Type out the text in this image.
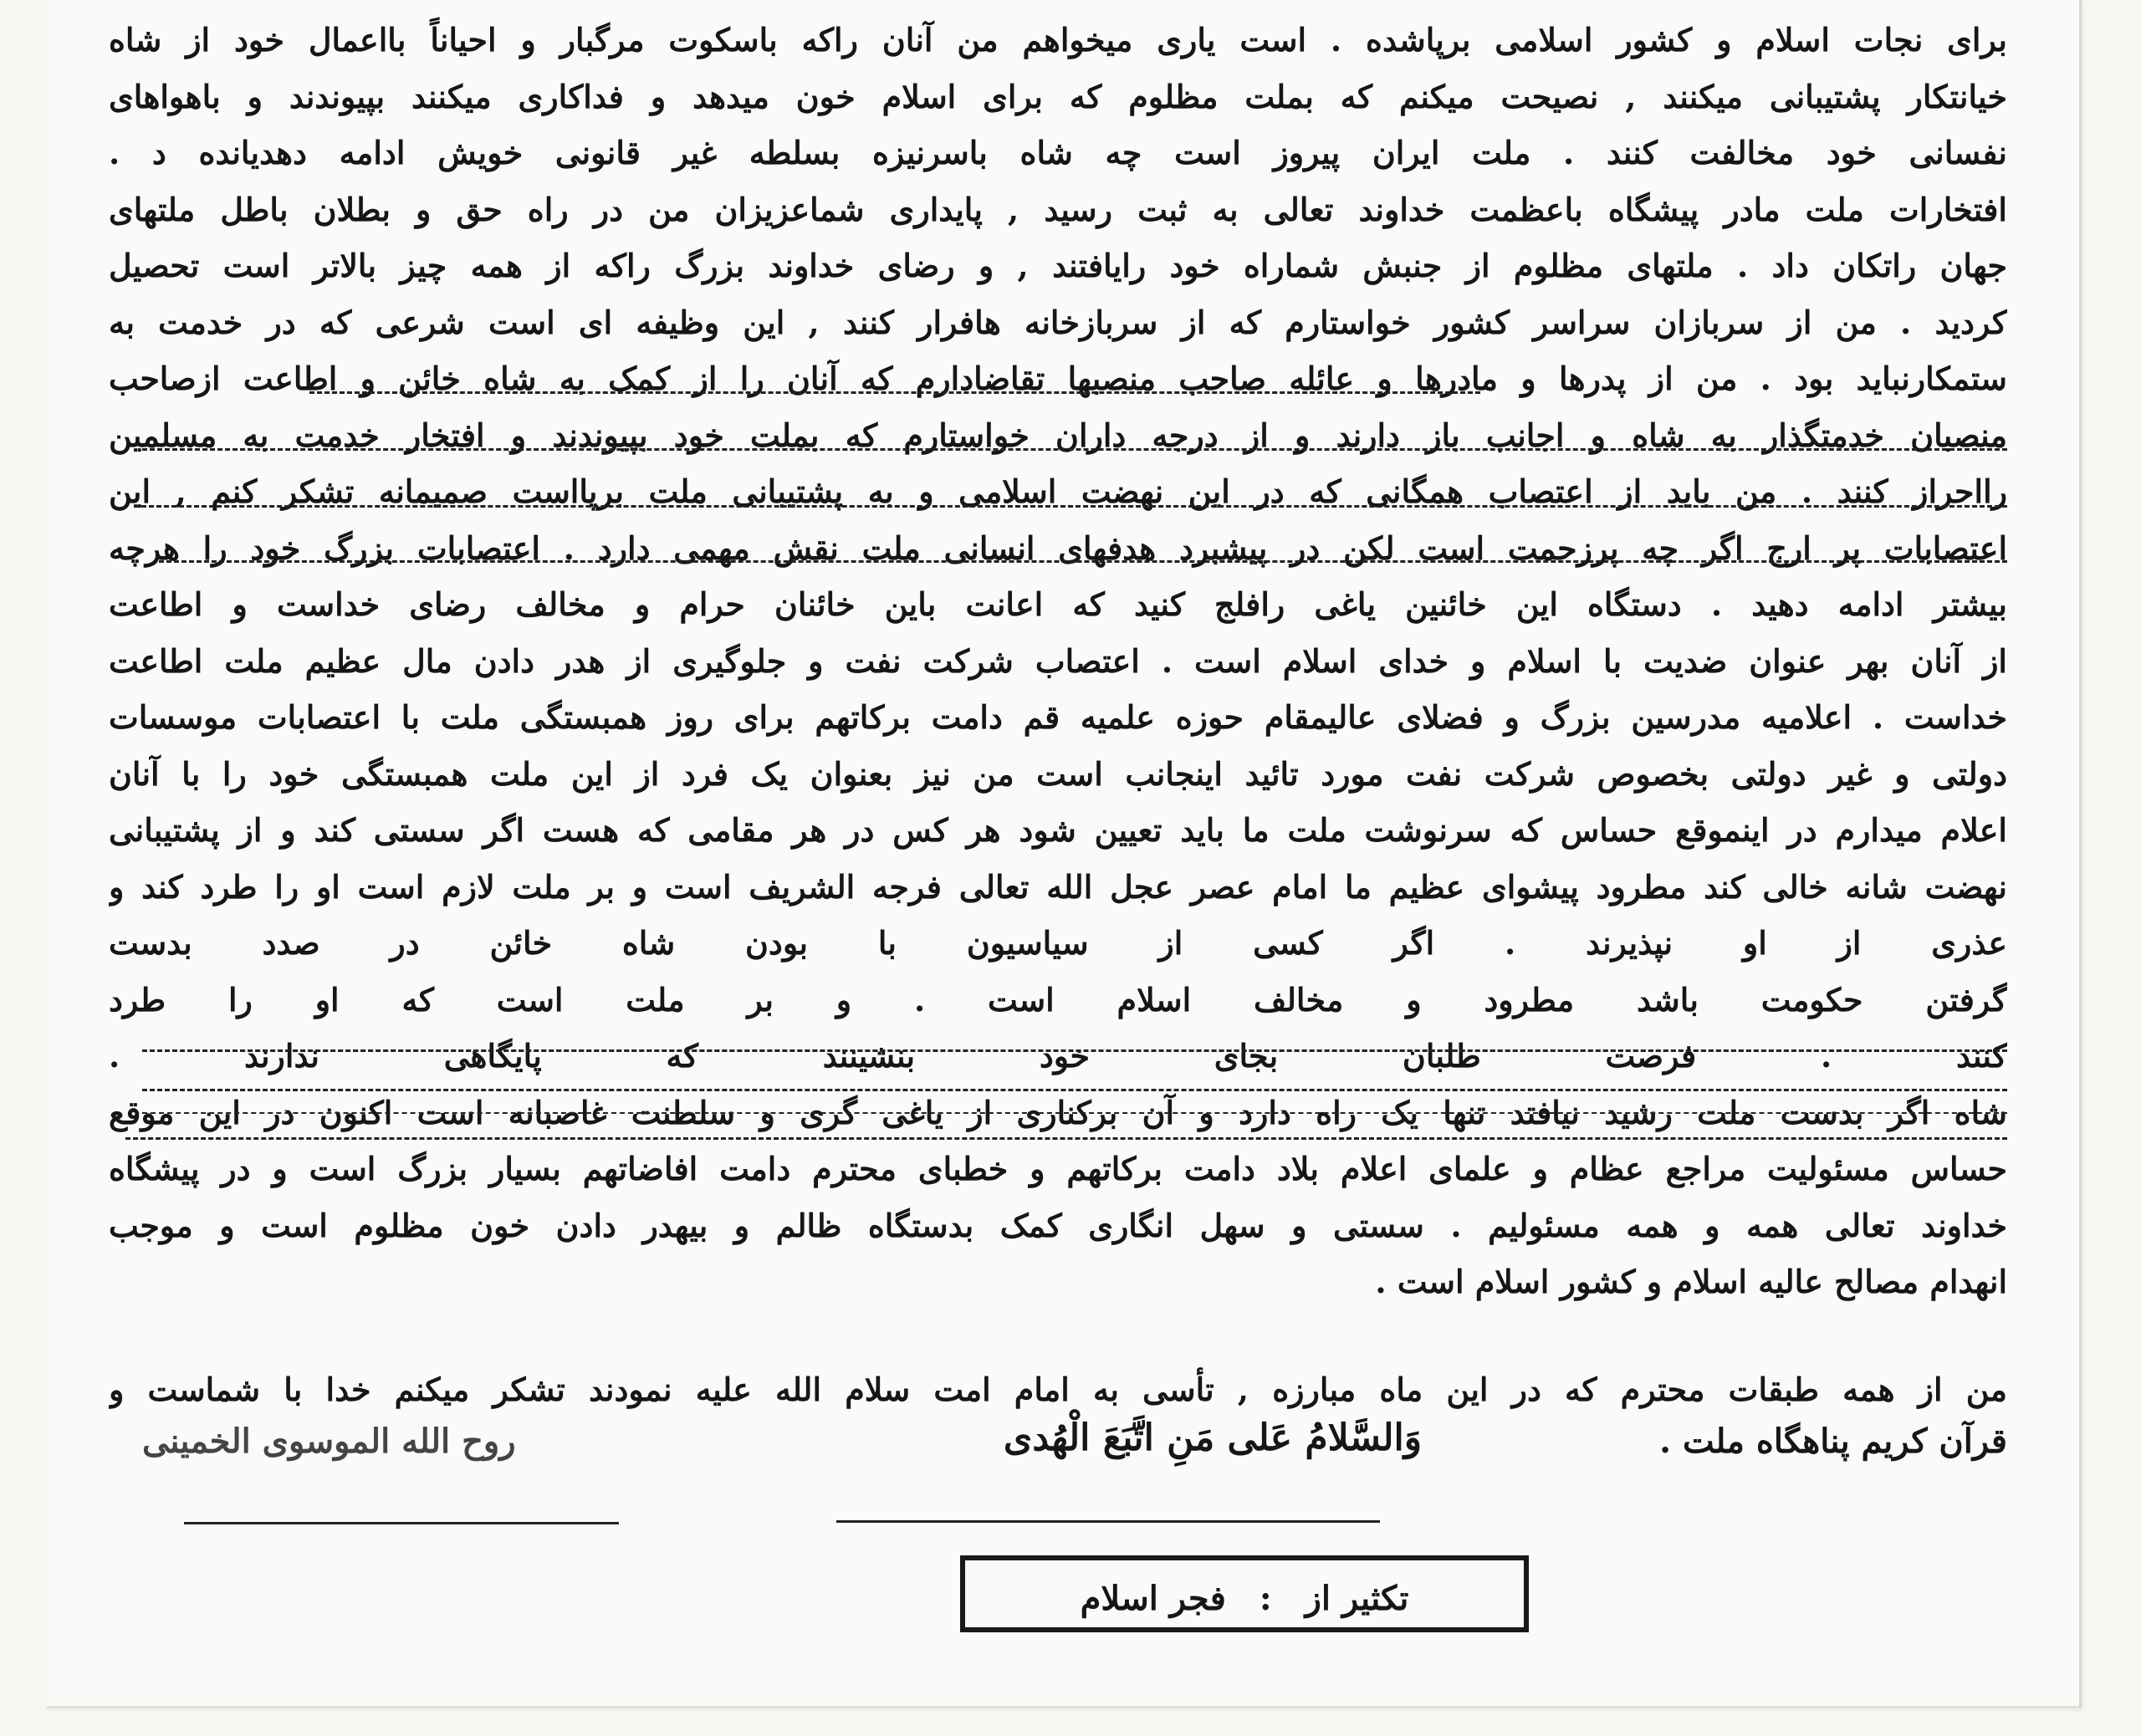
برای نجات اسلام و کشور اسلامی برپاشده . است یاری میخواهم من آنان راکه باسکوت مرگبار و احیاناً بااعمال خود از شاه
خیانتکار پشتیبانی میکنند , نصیحت میکنم که بملت مظلوم که برای اسلام خون میدهد و فداکاری میکنند بپیوندند و باهواهای
نفسانی خود مخالفت کنند . ملت ایران پیروز است چه شاه باسرنیزه بسلطه غیر قانونی خویش ادامه دهدیانده د .
افتخارات ملت مادر پیشگاه باعظمت خداوند تعالی به ثبت رسید , پایداری شماعزیزان من در راه حق و بطلان باطل ملتهای
جهان راتکان داد . ملتهای مظلوم از جنبش شماراه خود رایافتند , و رضای خداوند بزرگ راکه از همه چیز بالاتر است تحصیل
کردید . من از سربازان سراسر کشور خواستارم که از سربازخانه هافرار کنند , این وظیفه ای است شرعی که در خدمت به
ستمکارنباید بود . من از پدرها و مادرها و عائله صاحب منصبها تقاضادارم که آنان را از کمک به شاه خائن و اطاعت ازصاحب
منصبان خدمتگذار به شاه و اجانب باز دارند و از درجه داران خواستارم که بملت خود بپیوندند و افتخار خدمت به مسلمین
رااحراز کنند . من باید از اعتصاب همگانی که در این نهضت اسلامی و به پشتیبانی ملت برپااست صمیمانه تشکر کنم , این
اعتصابات پر ارج اگر چه پرزحمت است لکن در پیشبرد هدفهای انسانی ملت نقش مهمی دارد . اعتصابات بزرگ خود را هرچه
بیشتر ادامه دهید . دستگاه این خائنین یاغی رافلج کنید که اعانت باین خائنان حرام و مخالف رضای خداست و اطاعت
از آنان بهر عنوان ضدیت با اسلام و خدای اسلام است . اعتصاب شرکت نفت و جلوگیری از هدر دادن مال عظیم ملت اطاعت
خداست . اعلامیه مدرسین بزرگ و فضلای عالیمقام حوزه علمیه قم دامت برکاتهم برای روز همبستگی ملت با اعتصابات موسسات
دولتی و غیر دولتی بخصوص شرکت نفت مورد تائید اینجانب است من نیز بعنوان یک فرد از این ملت همبستگی خود را با آنان
اعلام میدارم در اینموقع حساس که سرنوشت ملت ما باید تعیین شود هر کس در هر مقامی که هست اگر سستی کند و از پشتیبانی
نهضت شانه خالی کند مطرود پیشوای عظیم ما امام عصر عجل الله تعالی فرجه الشریف است و بر ملت لازم است او را طرد کند و
عذری از او نپذیرند . اگر کسی از سیاسیون با بودن شاه خائن در صدد بدست
گرفتن حکومت باشد مطرود و مخالف اسلام است . و بر ملت است که او را طرد
کنند . فرصت طلبان بجای خود بنشینند که پایگاهی ندارند .
شاه اگر بدست ملت رشید نیافتد تنها یک راه دارد و آن برکناری از یاغی گری و سلطنت غاصبانه است اکنون در این موقع
حساس مسئولیت مراجع عظام و علمای اعلام بلاد دامت برکاتهم و خطبای محترم دامت افاضاتهم بسیار بزرگ است و در پیشگاه
خداوند تعالی همه و همه مسئولیم . سستی و سهل انگاری کمک بدستگاه ظالم و بیهدر دادن خون مظلوم است و موجب
انهدام مصالح عالیه اسلام و کشور اسلام است .
من از همه طبقات محترم که در این ماه مبارزه , تأسی به امام امت سلام الله علیه نمودند تشکر میکنم خدا با شماست و
قرآن کریم پناهگاه ملت .
وَالسَّلامُ عَلی مَنِ اتَّبَعَ الْهُدی
روح الله الموسوی الخمینی
تکثیر از:فجر اسلام
